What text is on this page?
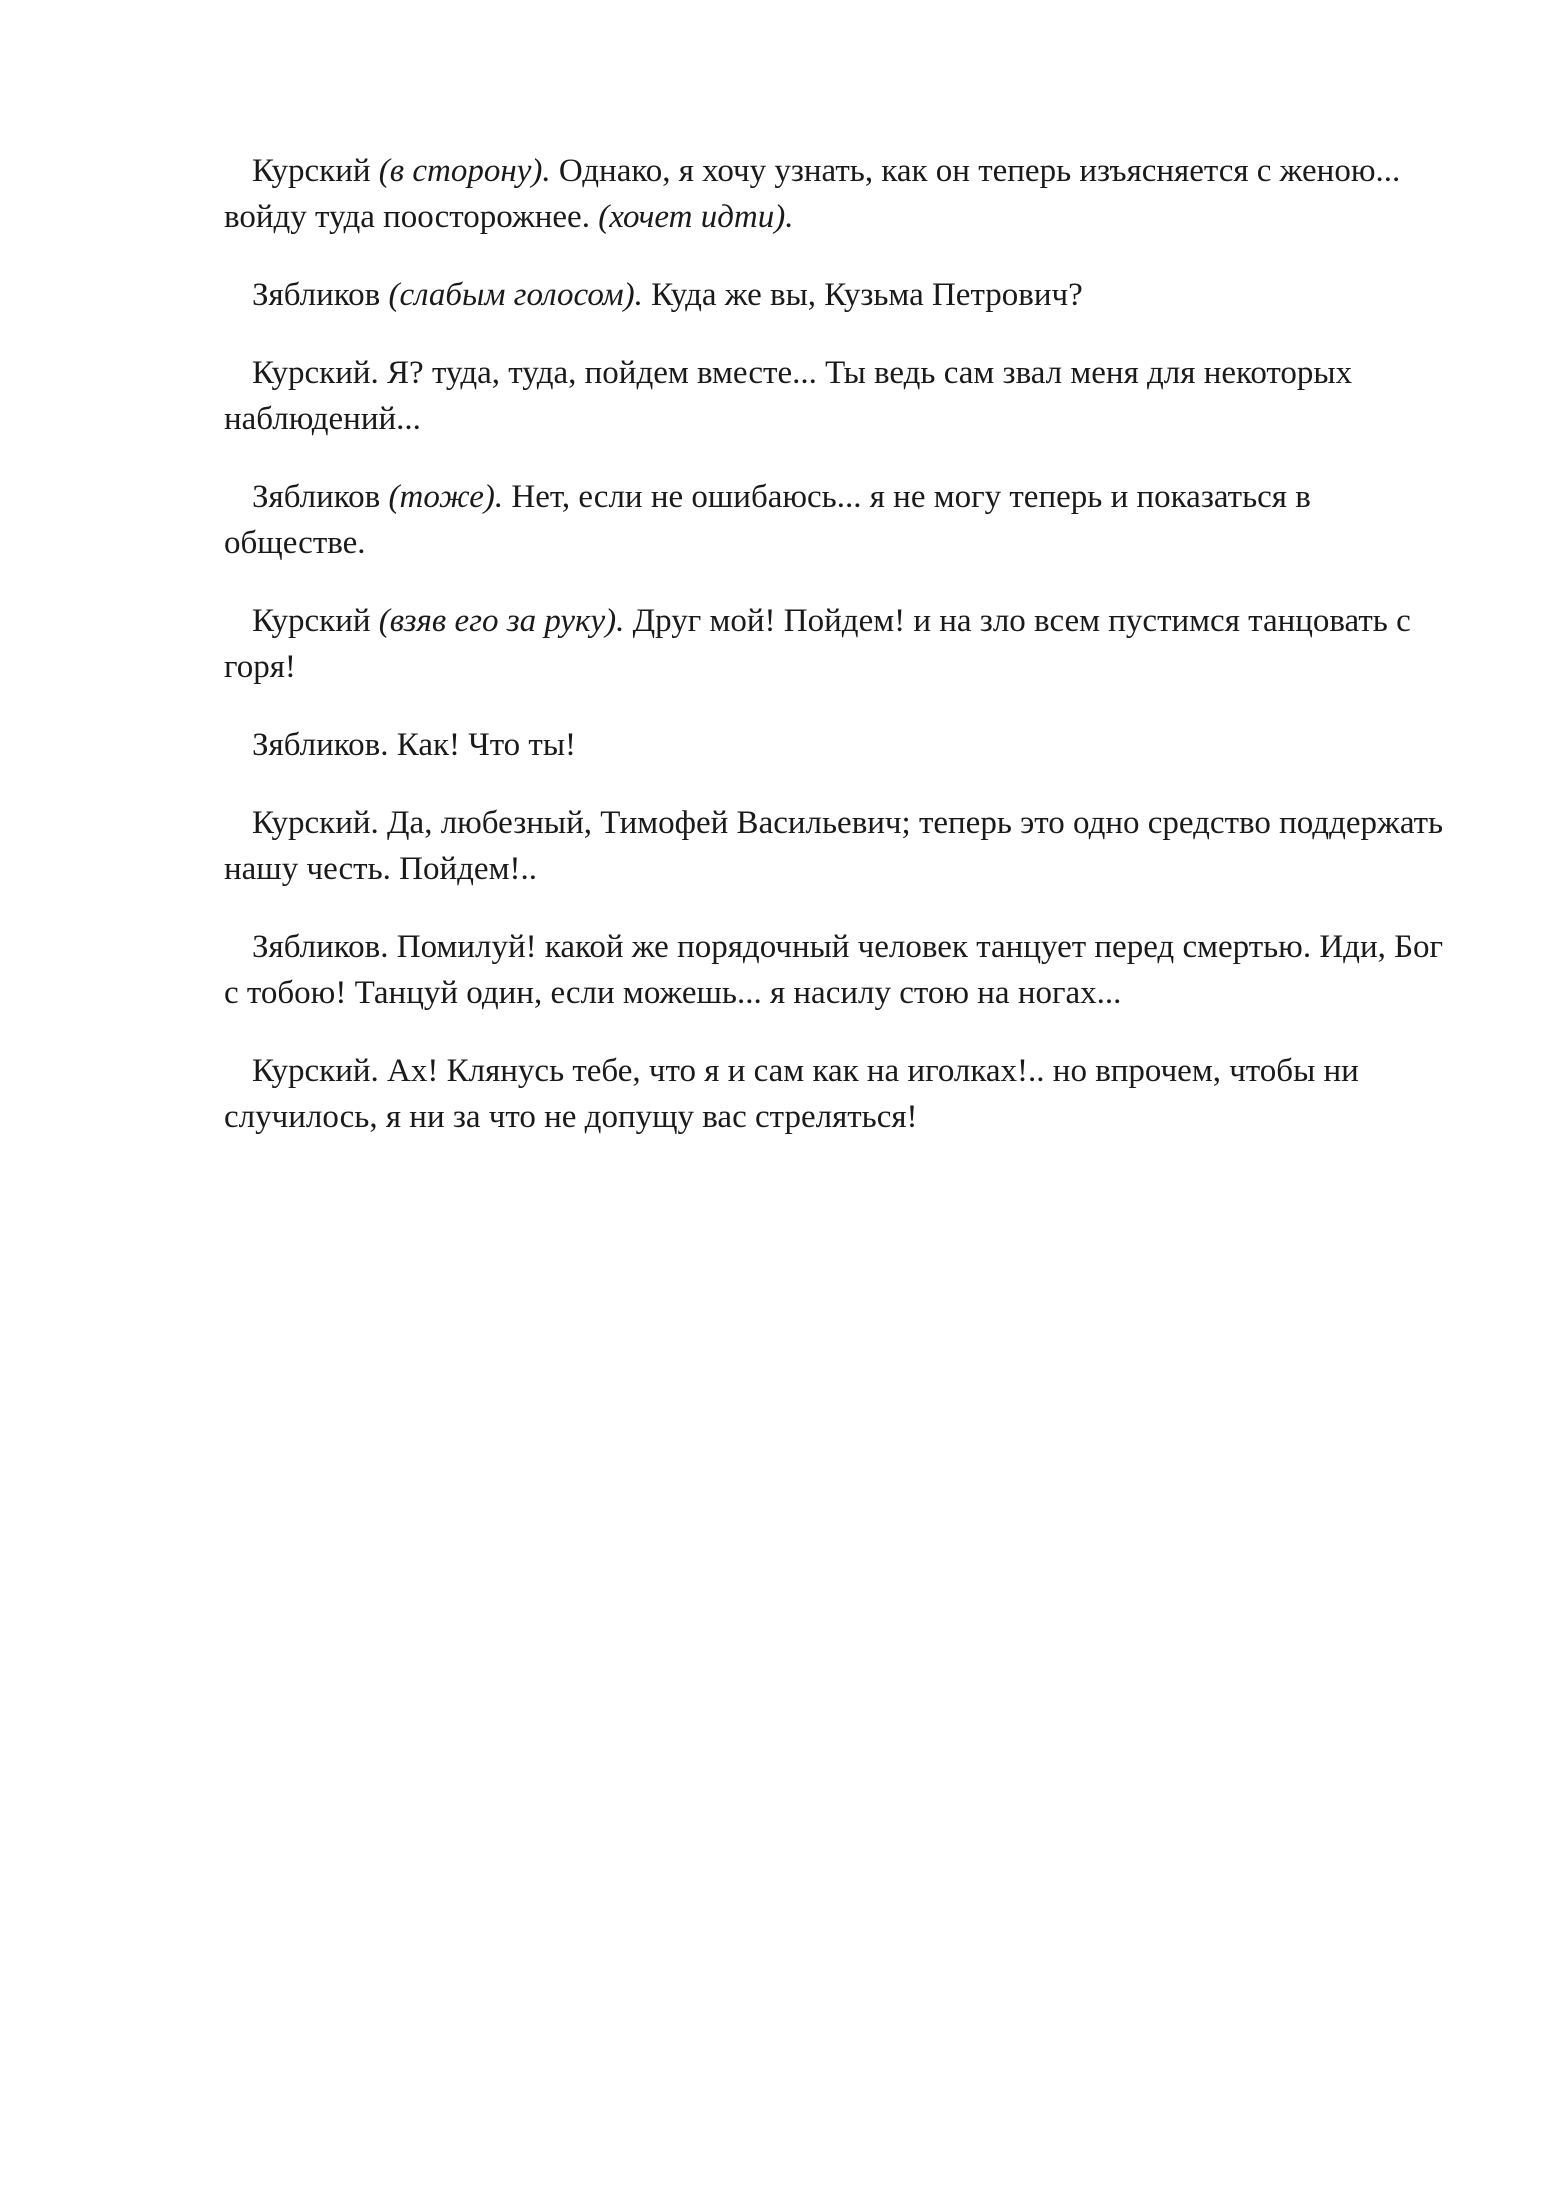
Курский (в сторону). Однако, я хочу узнать, как он теперь изъясняется с женою... войду туда поосторожнее. (хочет идти).

Зябликов (слабым голосом). Куда же вы, Кузьма Петрович?

Курский. Я? туда, туда, пойдем вместе... Ты ведь сам звал меня для некоторых наблюдений...

Зябликов (тоже). Нет, если не ошибаюсь... я не могу теперь и показаться в обществе.

Курский (взяв его за руку). Друг мой! Пойдем! и на зло всем пустимся танцовать с горя!

Зябликов. Как! Что ты!

Курский. Да, любезный, Тимофей Васильевич; теперь это одно средство поддержать нашу честь. Пойдем!..

Зябликов. Помилуй! какой же порядочный человек танцует перед смертью. Иди, Бог с тобою! Танцуй один, если можешь... я насилу стою на ногах...

Курский. Ах! Клянусь тебе, что я и сам как на иголках!.. но впрочем, чтобы ни случилось, я ни за что не допущу вас стреляться!
